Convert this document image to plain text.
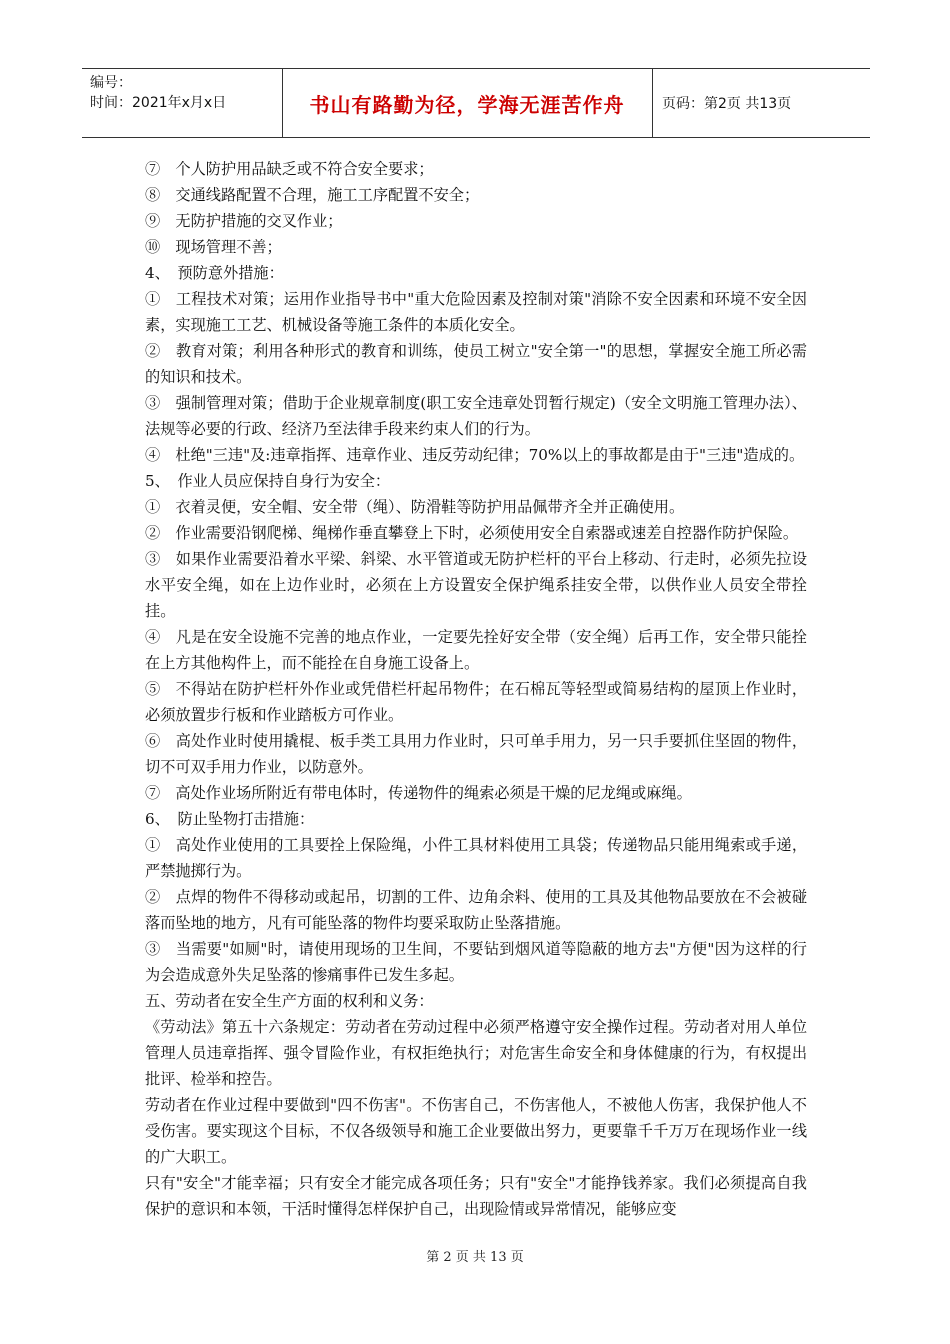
编号：
时间：2021年x月x日	书山有路勤为径，学海无涯苦作舟	页码：第2页 共13页

⑦　个人防护用品缺乏或不符合安全要求；

⑧　交通线路配置不合理，施工工序配置不安全；

⑨　无防护措施的交叉作业；

⑩　现场管理不善；

4、　预防意外措施：

①　工程技术对策；运用作业指导书中"重大危险因素及控制对策"消除不安全因素和环境不安全因素，实现施工工艺、机械设备等施工条件的本质化安全。

②　教育对策；利用各种形式的教育和训练，使员工树立"安全第一"的思想，掌握安全施工所必需的知识和技术。

③　强制管理对策；借助于企业规章制度(职工安全违章处罚暂行规定)（安全文明施工管理办法）、法规等必要的行政、经济乃至法律手段来约束人们的行为。

④　杜绝"三违"及:违章指挥、违章作业、违反劳动纪律；70%以上的事故都是由于"三违"造成的。

5、　作业人员应保持自身行为安全：

①　衣着灵便，安全帽、安全带（绳）、防滑鞋等防护用品佩带齐全并正确使用。

②　作业需要沿钢爬梯、绳梯作垂直攀登上下时，必须使用安全自索器或速差自控器作防护保险。

③　如果作业需要沿着水平梁、斜梁、水平管道或无防护栏杆的平台上移动、行走时，必须先拉设水平安全绳，如在上边作业时，必须在上方设置安全保护绳系挂安全带，以供作业人员安全带拴挂。

④　凡是在安全设施不完善的地点作业，一定要先拴好安全带（安全绳）后再工作，安全带只能拴在上方其他构件上，而不能拴在自身施工设备上。

⑤　不得站在防护栏杆外作业或凭借栏杆起吊物件；在石棉瓦等轻型或简易结构的屋顶上作业时，必须放置步行板和作业踏板方可作业。

⑥　高处作业时使用撬棍、板手类工具用力作业时，只可单手用力，另一只手要抓住坚固的物件，切不可双手用力作业，以防意外。

⑦　高处作业场所附近有带电体时，传递物件的绳索必须是干燥的尼龙绳或麻绳。

6、　防止坠物打击措施：

①　高处作业使用的工具要拴上保险绳，小件工具材料使用工具袋；传递物品只能用绳索或手递，严禁抛掷行为。

②　点焊的物件不得移动或起吊，切割的工件、边角余料、使用的工具及其他物品要放在不会被碰落而坠地的地方，凡有可能坠落的物件均要采取防止坠落措施。

③　当需要"如厕"时，请使用现场的卫生间，不要钻到烟风道等隐蔽的地方去"方便"因为这样的行为会造成意外失足坠落的惨痛事件已发生多起。

五、劳动者在安全生产方面的权利和义务：

《劳动法》第五十六条规定：劳动者在劳动过程中必须严格遵守安全操作过程。劳动者对用人单位管理人员违章指挥、强令冒险作业，有权拒绝执行；对危害生命安全和身体健康的行为，有权提出批评、检举和控告。

劳动者在作业过程中要做到"四不伤害"。不伤害自己，不伤害他人，不被他人伤害，我保护他人不受伤害。要实现这个目标，不仅各级领导和施工企业要做出努力，更要靠千千万万在现场作业一线的广大职工。

只有"安全"才能幸福；只有安全才能完成各项任务；只有"安全"才能挣钱养家。我们必须提高自我保护的意识和本领，干活时懂得怎样保护自己，出现险情或异常情况，能够应变

第 2 页 共 13 页
